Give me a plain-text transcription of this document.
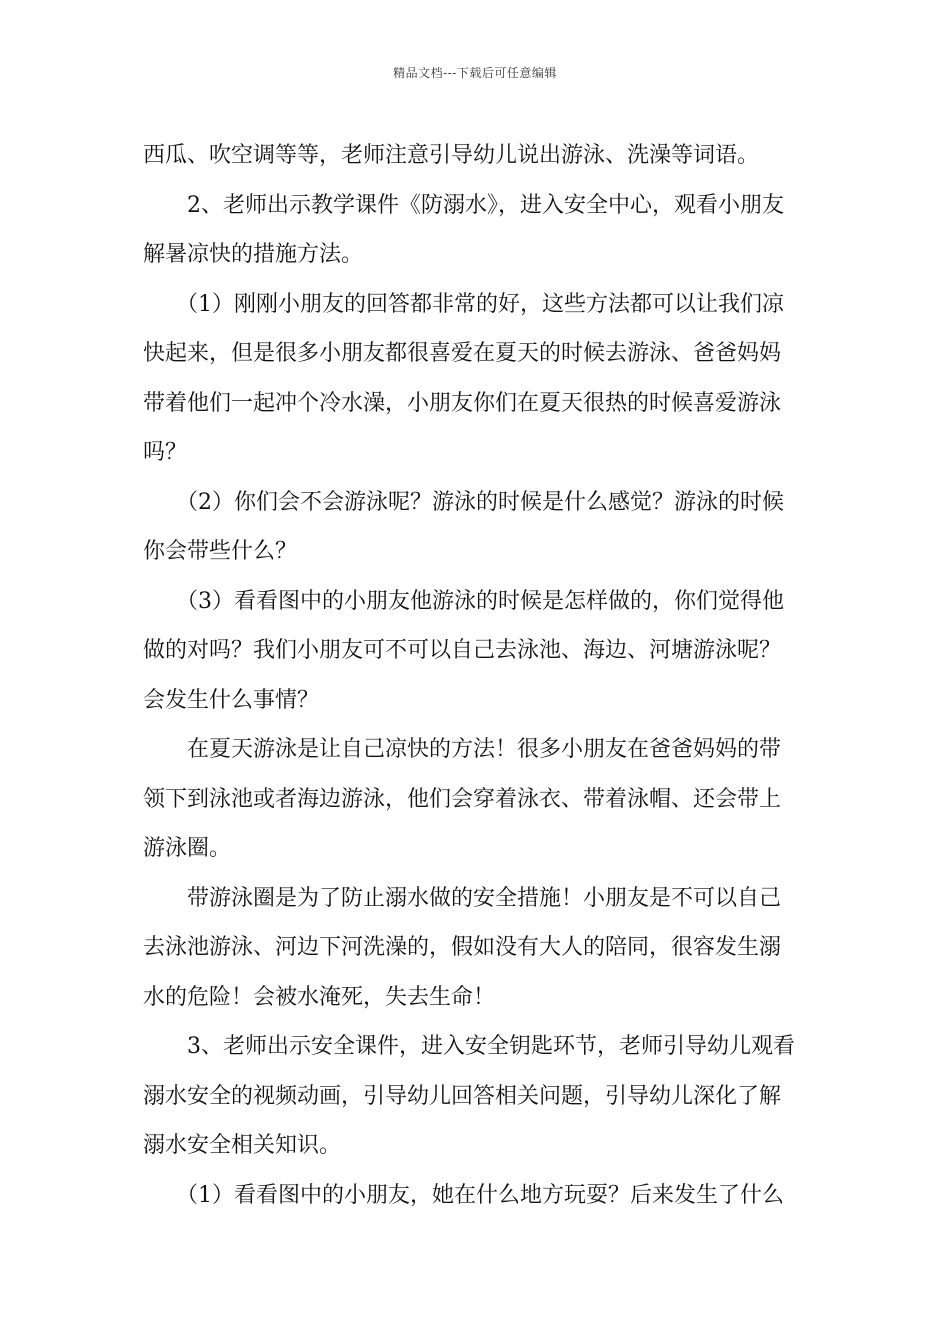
精品文档---下载后可任意编辑
西瓜、吹空调等等，老师注意引导幼儿说出游泳、洗澡等词语。
　　2、老师出示教学课件《防溺水》，进入安全中心，观看小朋友
解暑凉快的措施方法。
　　（1）刚刚小朋友的回答都非常的好，这些方法都可以让我们凉
快起来，但是很多小朋友都很喜爱在夏天的时候去游泳、爸爸妈妈
带着他们一起冲个冷水澡，小朋友你们在夏天很热的时候喜爱游泳
吗？
　　（2）你们会不会游泳呢？游泳的时候是什么感觉？游泳的时候
你会带些什么？
　　（3）看看图中的小朋友他游泳的时候是怎样做的，你们觉得他
做的对吗？我们小朋友可不可以自己去泳池、海边、河塘游泳呢？
会发生什么事情？
　　在夏天游泳是让自己凉快的方法！很多小朋友在爸爸妈妈的带
领下到泳池或者海边游泳，他们会穿着泳衣、带着泳帽、还会带上
游泳圈。
　　带游泳圈是为了防止溺水做的安全措施！小朋友是不可以自己
去泳池游泳、河边下河洗澡的，假如没有大人的陪同，很容发生溺
水的危险！会被水淹死，失去生命！
　　3、老师出示安全课件，进入安全钥匙环节，老师引导幼儿观看
溺水安全的视频动画，引导幼儿回答相关问题，引导幼儿深化了解
溺水安全相关知识。
　　（1）看看图中的小朋友，她在什么地方玩耍？后来发生了什么
